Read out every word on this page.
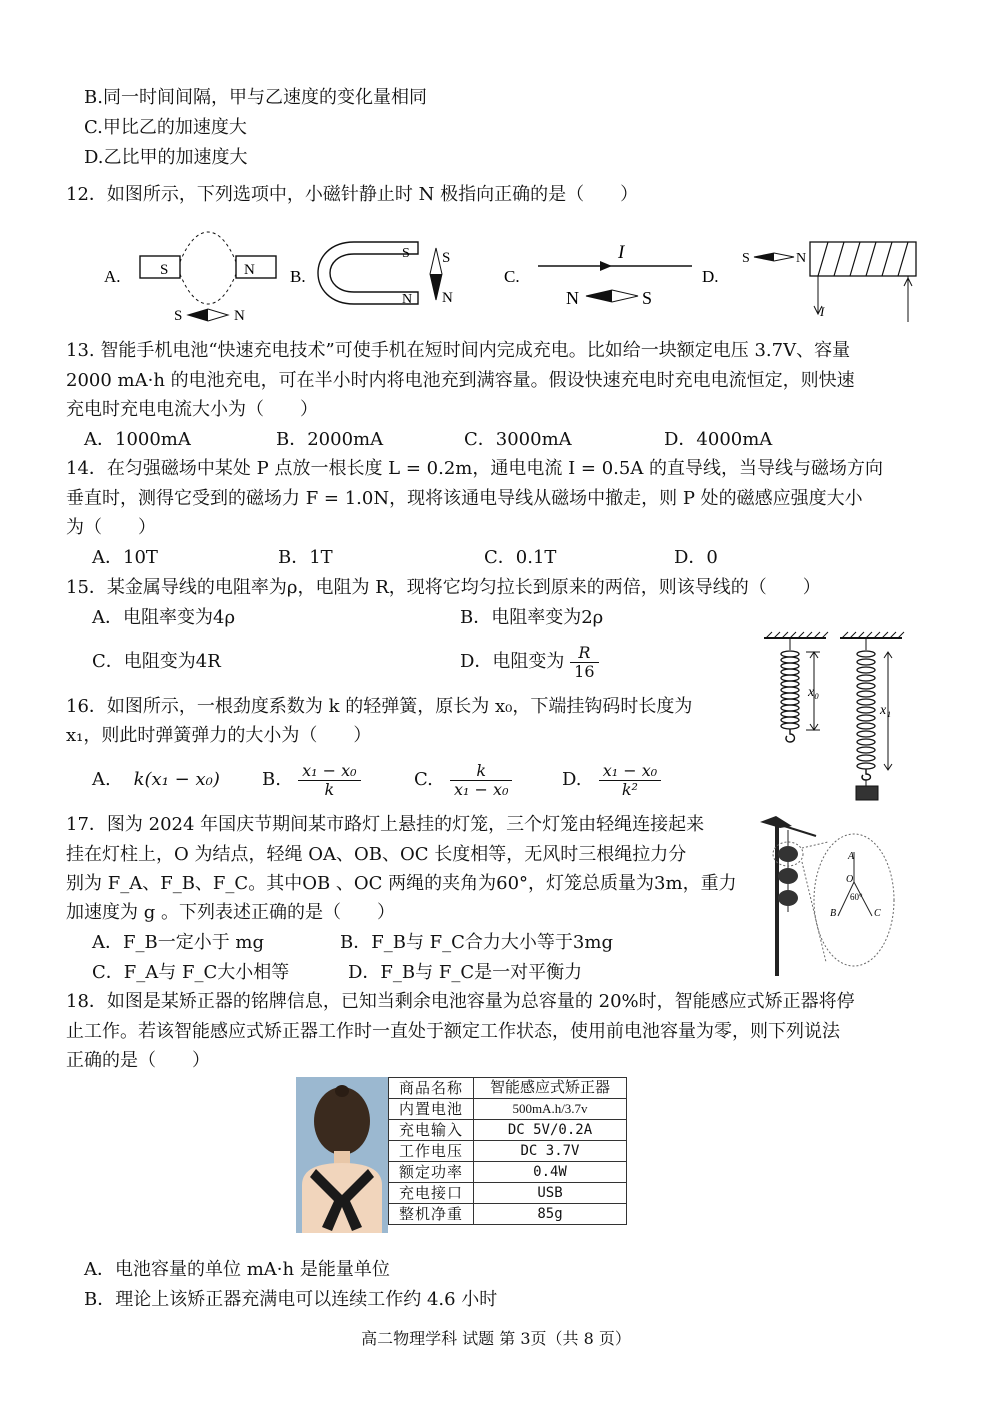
B.同一时间间隔，甲与乙速度的变化量相同
C.甲比乙的加速度大
D.乙比甲的加速度大
12．如图所示，下列选项中，小磁针静止时 N 极指向正确的是（　　）
A.	S	N
S	N
B.
S
N
S
N
C.
I
N	S
D.
S	N
I
13. 智能手机电池“快速充电技术”可使手机在短时间内完成充电。比如给一块额定电压 3.7V、容量
2000 mA·h 的电池充电，可在半小时内将电池充到满容量。假设快速充电时充电电流恒定，则快速
充电时充电电流大小为（　　）
A．1000mA	B．2000mA	C．3000mA	D．4000mA
14．在匀强磁场中某处 P 点放一根长度 L = 0.2m，通电电流 I = 0.5A 的直导线，当导线与磁场方向
垂直时，测得它受到的磁场力 F = 1.0N，现将该通电导线从磁场中撤走，则 P 处的磁感应强度大小
为（　　）
A．10T	B．1T	C．0.1T	D．0
15．某金属导线的电阻率为ρ，电阻为 R，现将它均匀拉长到原来的两倍，则该导线的（　　）
A．电阻率变为4ρ	B．电阻率变为2ρ
C．电阻变为4R	D．电阻变为 $\frac{R}{16}$
x₀
x₁
16．如图所示，一根劲度系数为 k 的轻弹簧，原长为 x₀，下端挂钩码时长度为
x₁，则此时弹簧弹力的大小为（　　）
A. k(x₁ − x₀) B. $\frac{\text{x₁ − x₀}}{k}$	C. $\frac{k}{\text{x₁ − x₀}}$	D. $\frac{\text{x₁ − x₀}}{\text{k²}}$
17．图为 2024 年国庆节期间某市路灯上悬挂的灯笼，三个灯笼由轻绳连接起来
挂在灯柱上，O 为结点，轻绳 OA、OB、OC 长度相等，无风时三根绳拉力分
别为 F_A、F_B、F_C。其中OB 、OC 两绳的夹角为60°，灯笼总质量为3m，重力
加速度为 g 。下列表述正确的是（　　）
A．F_B一定小于 mg	B．F_B与 F_C合力大小等于3mg
C．F_A与 F_C大小相等	D．F_B与 F_C是一对平衡力
A
O
B	C
60°
18．如图是某矫正器的铭牌信息，已知当剩余电池容量为总容量的 20%时，智能感应式矫正器将停
止工作。若该智能感应式矫正器工作时一直处于额定工作状态，使用前电池容量为零，则下列说法
正确的是（　　）
商品名称	智能感应式矫正器
内置电池	500mA.h/3.7v
充电输入	DC 5V/0.2A
工作电压	DC 3.7V
额定功率	0.4W
充电接口	USB
整机净重	85g
A．电池容量的单位 mA·h 是能量单位
B．理论上该矫正器充满电可以连续工作约 4.6 小时
高二物理学科 试题 第 3页（共 8 页）
